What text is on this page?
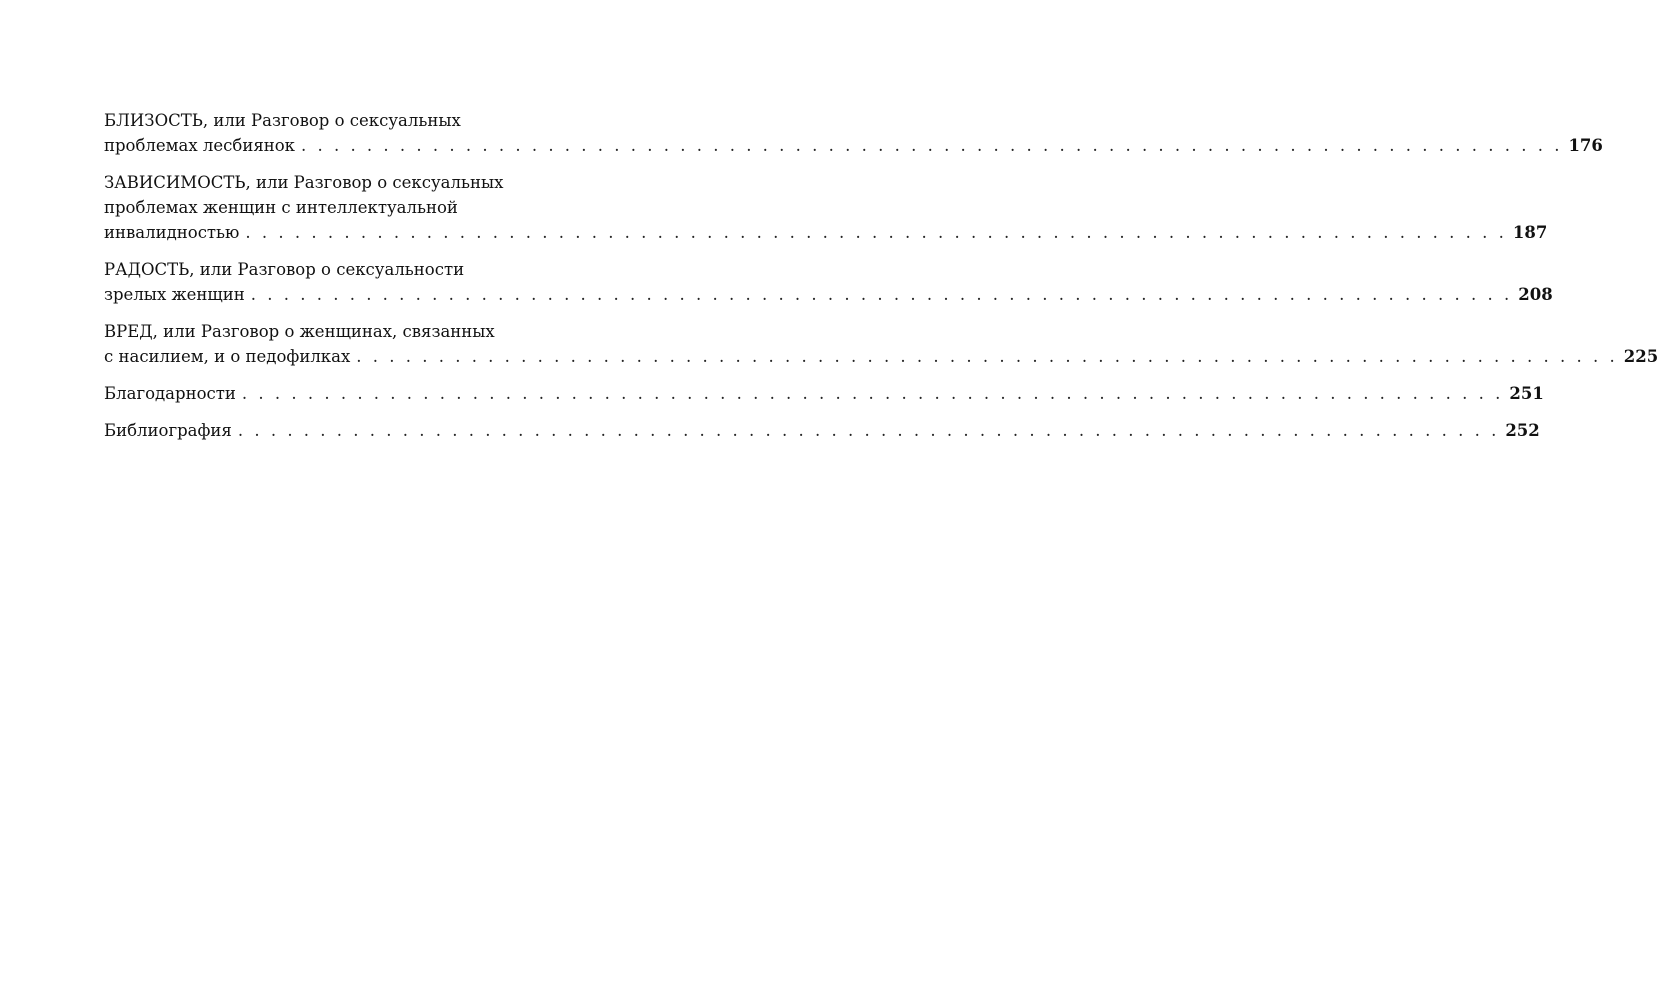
БЛИЗОСТЬ, или Разговор о сексуальных
проблемах лесбиянок . . . . . . . . . . . . . . . . . . . . . . . . . . . . . . . . . . . . . . . . . . . . . . . . . . . . . . . . . . . . . . . . . . . . . . . . . . . . . 176
ЗАВИСИМОСТЬ, или Разговор о сексуальных
проблемах женщин с интеллектуальной
инвалидностью . . . . . . . . . . . . . . . . . . . . . . . . . . . . . . . . . . . . . . . . . . . . . . . . . . . . . . . . . . . . . . . . . . . . . . . . . . . . . 187
РАДОСТЬ, или Разговор о сексуальности
зрелых женщин . . . . . . . . . . . . . . . . . . . . . . . . . . . . . . . . . . . . . . . . . . . . . . . . . . . . . . . . . . . . . . . . . . . . . . . . . . . . . 208
ВРЕД, или Разговор о женщинах, связанных
с насилием, и о педофилках . . . . . . . . . . . . . . . . . . . . . . . . . . . . . . . . . . . . . . . . . . . . . . . . . . . . . . . . . . . . . . . . . . . . . . . . . . . . . 225
Благодарности . . . . . . . . . . . . . . . . . . . . . . . . . . . . . . . . . . . . . . . . . . . . . . . . . . . . . . . . . . . . . . . . . . . . . . . . . . . . . 251
Библиография . . . . . . . . . . . . . . . . . . . . . . . . . . . . . . . . . . . . . . . . . . . . . . . . . . . . . . . . . . . . . . . . . . . . . . . . . . . . . 252
